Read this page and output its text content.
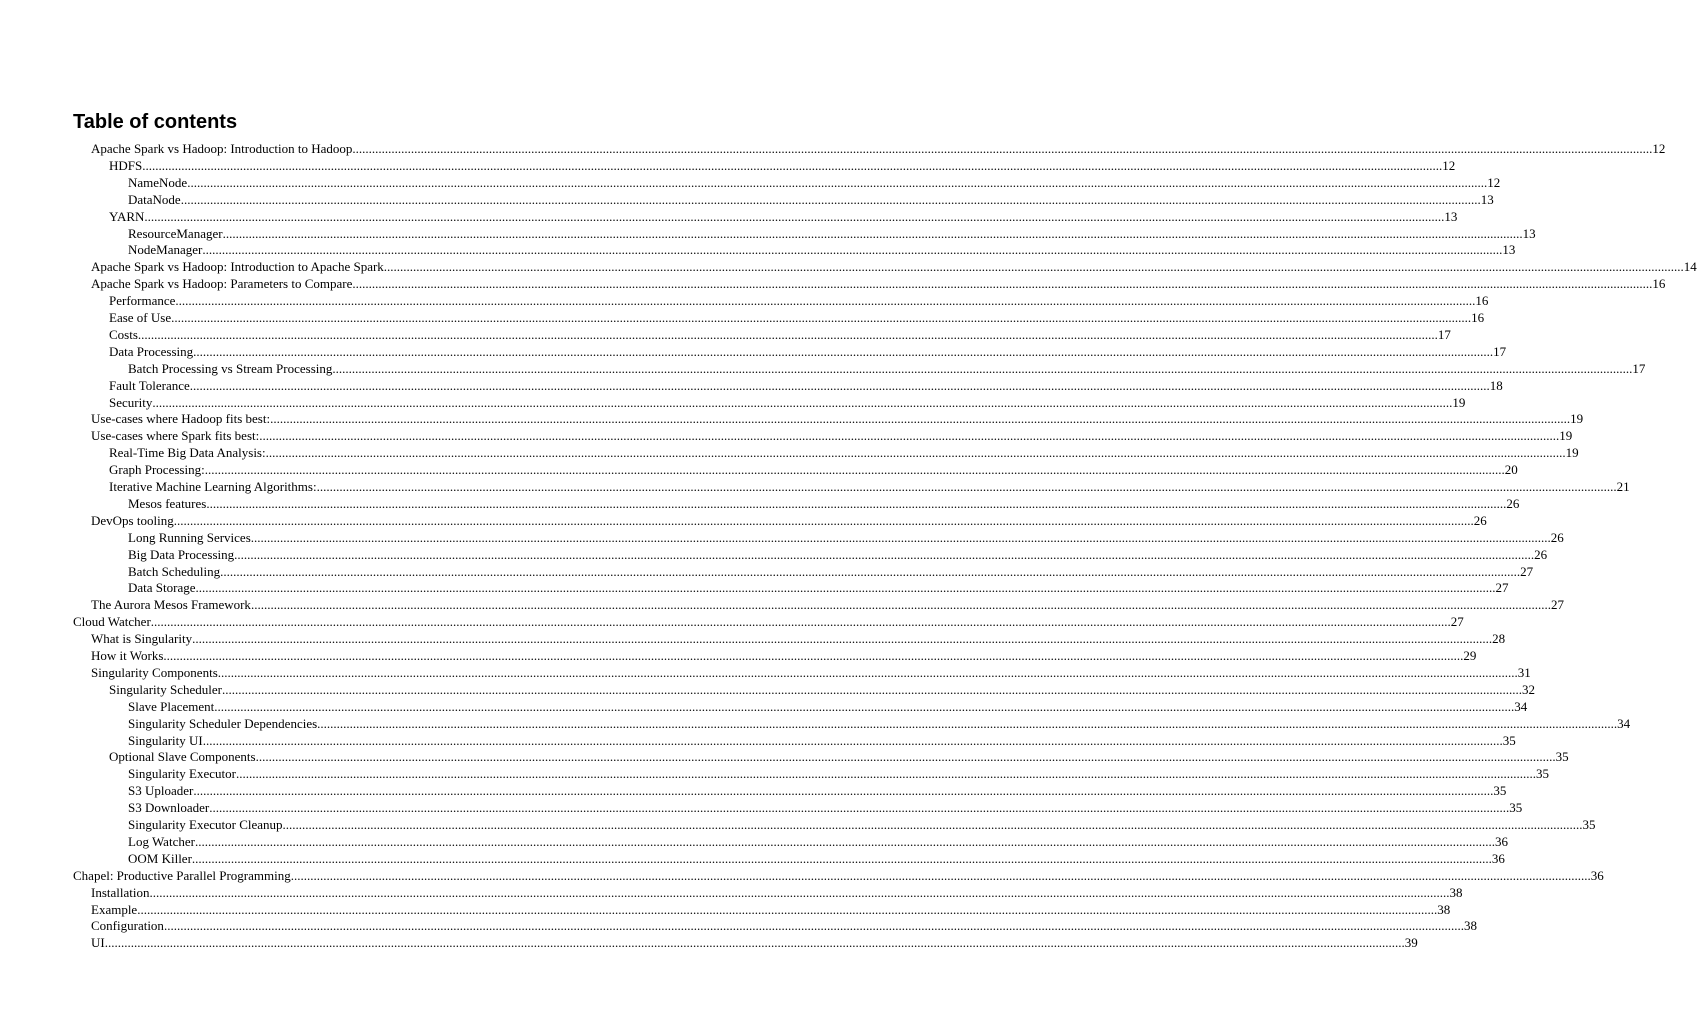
Table of contents
Apache Spark vs Hadoop: Introduction to Hadoop ................................................................................................................................................................................................................................................................................................................................................................................................................ 12
HDFS ................................................................................................................................................................................................................................................................................................................................................................................................................ 12
NameNode ................................................................................................................................................................................................................................................................................................................................................................................................................ 12
DataNode ................................................................................................................................................................................................................................................................................................................................................................................................................ 13
YARN ................................................................................................................................................................................................................................................................................................................................................................................................................ 13
ResourceManager ................................................................................................................................................................................................................................................................................................................................................................................................................ 13
NodeManager ................................................................................................................................................................................................................................................................................................................................................................................................................ 13
Apache Spark vs Hadoop: Introduction to Apache Spark ................................................................................................................................................................................................................................................................................................................................................................................................................ 14
Apache Spark vs Hadoop: Parameters to Compare ................................................................................................................................................................................................................................................................................................................................................................................................................ 16
Performance ................................................................................................................................................................................................................................................................................................................................................................................................................ 16
Ease of Use ................................................................................................................................................................................................................................................................................................................................................................................................................ 16
Costs ................................................................................................................................................................................................................................................................................................................................................................................................................ 17
Data Processing ................................................................................................................................................................................................................................................................................................................................................................................................................ 17
Batch Processing vs Stream Processing ................................................................................................................................................................................................................................................................................................................................................................................................................ 17
Fault Tolerance ................................................................................................................................................................................................................................................................................................................................................................................................................ 18
Security ................................................................................................................................................................................................................................................................................................................................................................................................................ 19
Use-cases where Hadoop fits best: ................................................................................................................................................................................................................................................................................................................................................................................................................ 19
Use-cases where Spark fits best: ................................................................................................................................................................................................................................................................................................................................................................................................................ 19
Real-Time Big Data Analysis: ................................................................................................................................................................................................................................................................................................................................................................................................................ 19
Graph Processing: ................................................................................................................................................................................................................................................................................................................................................................................................................ 20
Iterative Machine Learning Algorithms: ................................................................................................................................................................................................................................................................................................................................................................................................................ 21
Mesos features ................................................................................................................................................................................................................................................................................................................................................................................................................ 26
DevOps tooling ................................................................................................................................................................................................................................................................................................................................................................................................................ 26
Long Running Services ................................................................................................................................................................................................................................................................................................................................................................................................................ 26
Big Data Processing ................................................................................................................................................................................................................................................................................................................................................................................................................ 26
Batch Scheduling ................................................................................................................................................................................................................................................................................................................................................................................................................ 27
Data Storage ................................................................................................................................................................................................................................................................................................................................................................................................................ 27
The Aurora Mesos Framework ................................................................................................................................................................................................................................................................................................................................................................................................................ 27
Cloud Watcher ................................................................................................................................................................................................................................................................................................................................................................................................................ 27
What is Singularity ................................................................................................................................................................................................................................................................................................................................................................................................................ 28
How it Works ................................................................................................................................................................................................................................................................................................................................................................................................................ 29
Singularity Components ................................................................................................................................................................................................................................................................................................................................................................................................................ 31
Singularity Scheduler ................................................................................................................................................................................................................................................................................................................................................................................................................ 32
Slave Placement ................................................................................................................................................................................................................................................................................................................................................................................................................ 34
Singularity Scheduler Dependencies ................................................................................................................................................................................................................................................................................................................................................................................................................ 34
Singularity UI ................................................................................................................................................................................................................................................................................................................................................................................................................ 35
Optional Slave Components ................................................................................................................................................................................................................................................................................................................................................................................................................ 35
Singularity Executor ................................................................................................................................................................................................................................................................................................................................................................................................................ 35
S3 Uploader ................................................................................................................................................................................................................................................................................................................................................................................................................ 35
S3 Downloader ................................................................................................................................................................................................................................................................................................................................................................................................................ 35
Singularity Executor Cleanup ................................................................................................................................................................................................................................................................................................................................................................................................................ 35
Log Watcher ................................................................................................................................................................................................................................................................................................................................................................................................................ 36
OOM Killer ................................................................................................................................................................................................................................................................................................................................................................................................................ 36
Chapel: Productive Parallel Programming ................................................................................................................................................................................................................................................................................................................................................................................................................ 36
Installation ................................................................................................................................................................................................................................................................................................................................................................................................................ 38
Example ................................................................................................................................................................................................................................................................................................................................................................................................................ 38
Configuration ................................................................................................................................................................................................................................................................................................................................................................................................................ 38
UI ................................................................................................................................................................................................................................................................................................................................................................................................................ 39
